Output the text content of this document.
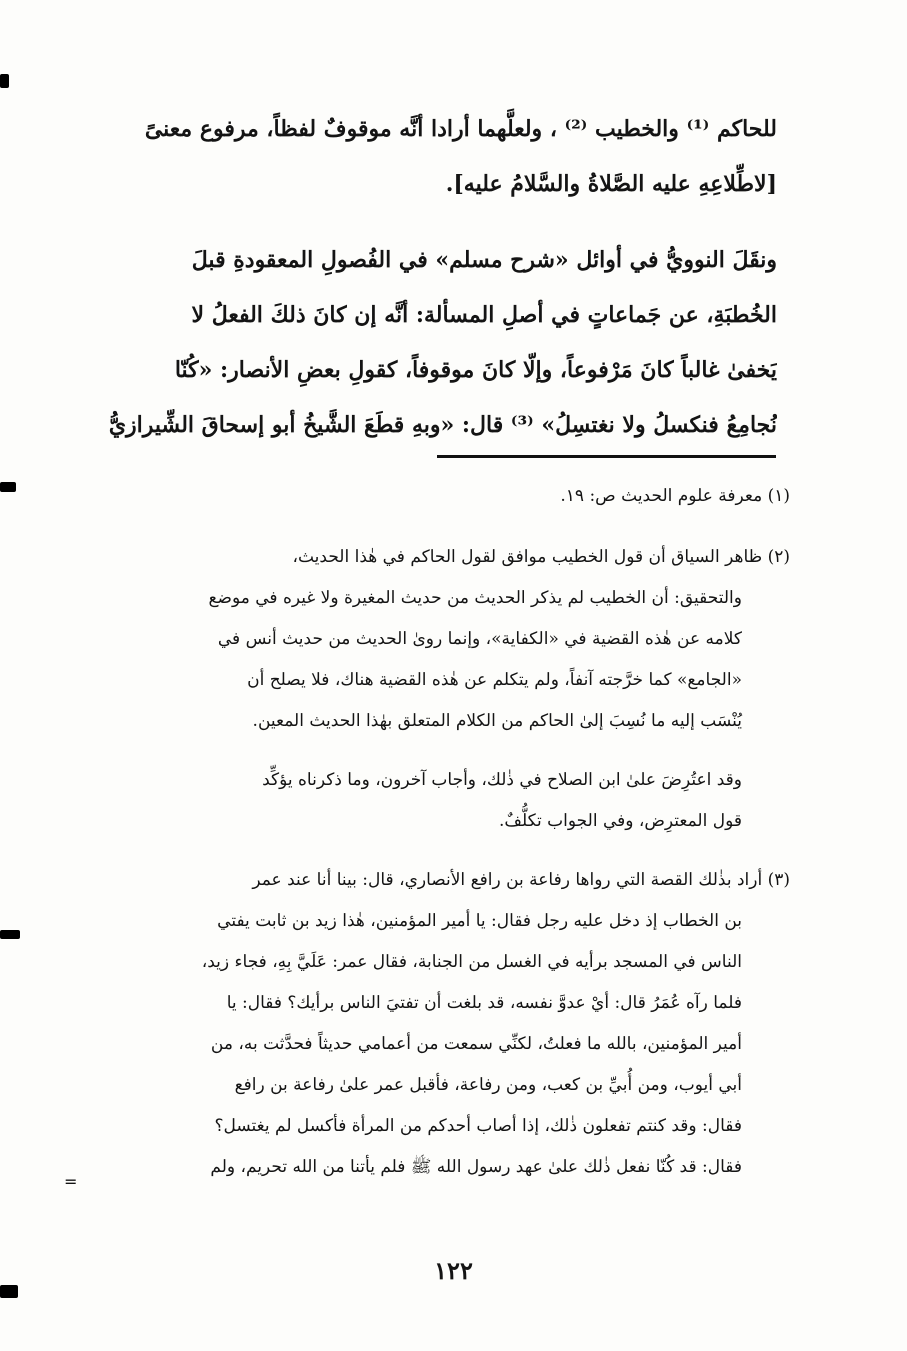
للحاكم ⁽¹⁾ والخطيب ⁽²⁾ ، ولعلَّهما أرادا أنَّه موقوفٌ لفظاً، مرفوع معنىً
[لاطِّلاعِهِ عليه الصَّلاةُ والسَّلامُ عليه].
ونقَلَ النوويُّ في أوائل «شرح مسلم» في الفُصولِ المعقودةِ قبلَ
الخُطبَةِ، عن جَماعاتٍ في أصلِ المسألة: أنَّه إن كانَ ذلكَ الفعلُ لا
يَخفىٰ غالباً كانَ مَرْفوعاً، وإلّا كانَ موقوفاً، كقولِ بعضِ الأنصار: «كُنّا
نُجامِعُ فنكسلُ ولا نغتسِلُ» ⁽³⁾ قال: «وبهِ قطَعَ الشَّيخُ أبو إسحاقَ الشِّيرازيُّ
(١) معرفة علوم الحديث ص: ١٩.
(٢) ظاهر السياق أن قول الخطيب موافق لقول الحاكم في هٰذا الحديث،
والتحقيق: أن الخطيب لم يذكر الحديث من حديث المغيرة ولا غيره في موضع
كلامه عن هٰذه القضية في «الكفاية»، وإنما روىٰ الحديث من حديث أنس في
«الجامع» كما خرَّجته آنفاً، ولم يتكلم عن هٰذه القضية هناك، فلا يصلح أن
يُنْسَب إليه ما نُسِبَ إلىٰ الحاكم من الكلام المتعلق بهٰذا الحديث المعين.
وقد اعتُرِضَ علىٰ ابن الصلاح في ذٰلك، وأجاب آخرون، وما ذكرناه يؤكِّد
قول المعترِض، وفي الجواب تكلُّفٌ.
(٣) أراد بذٰلك القصة التي رواها رفاعة بن رافع الأنصاري، قال: بينا أنا عند عمر
بن الخطاب إذ دخل عليه رجل فقال: يا أمير المؤمنين، هٰذا زيد بن ثابت يفتي
الناس في المسجد برأيه في الغسل من الجنابة، فقال عمر: عَلَيَّ بِهِ، فجاء زيد،
فلما رآه عُمَرُ قال: أيْ عدوَّ نفسه، قد بلغت أن تفتيَ الناس برأيك؟ فقال: يا
أمير المؤمنين، بالله ما فعلتُ، لكنِّي سمعت من أعمامي حديثاً فحدَّثت به، من
أبي أيوب، ومن أُبيِّ بن كعب، ومن رفاعة، فأقبل عمر علىٰ رفاعة بن رافع
فقال: وقد كنتم تفعلون ذٰلك، إذا أصاب أحدكم من المرأة فأكسل لم يغتسل؟
فقال: قد كُنّا نفعل ذٰلك علىٰ عهد رسول الله ﷺ فلم يأتنا من الله تحريم، ولم
=
١٢٢
